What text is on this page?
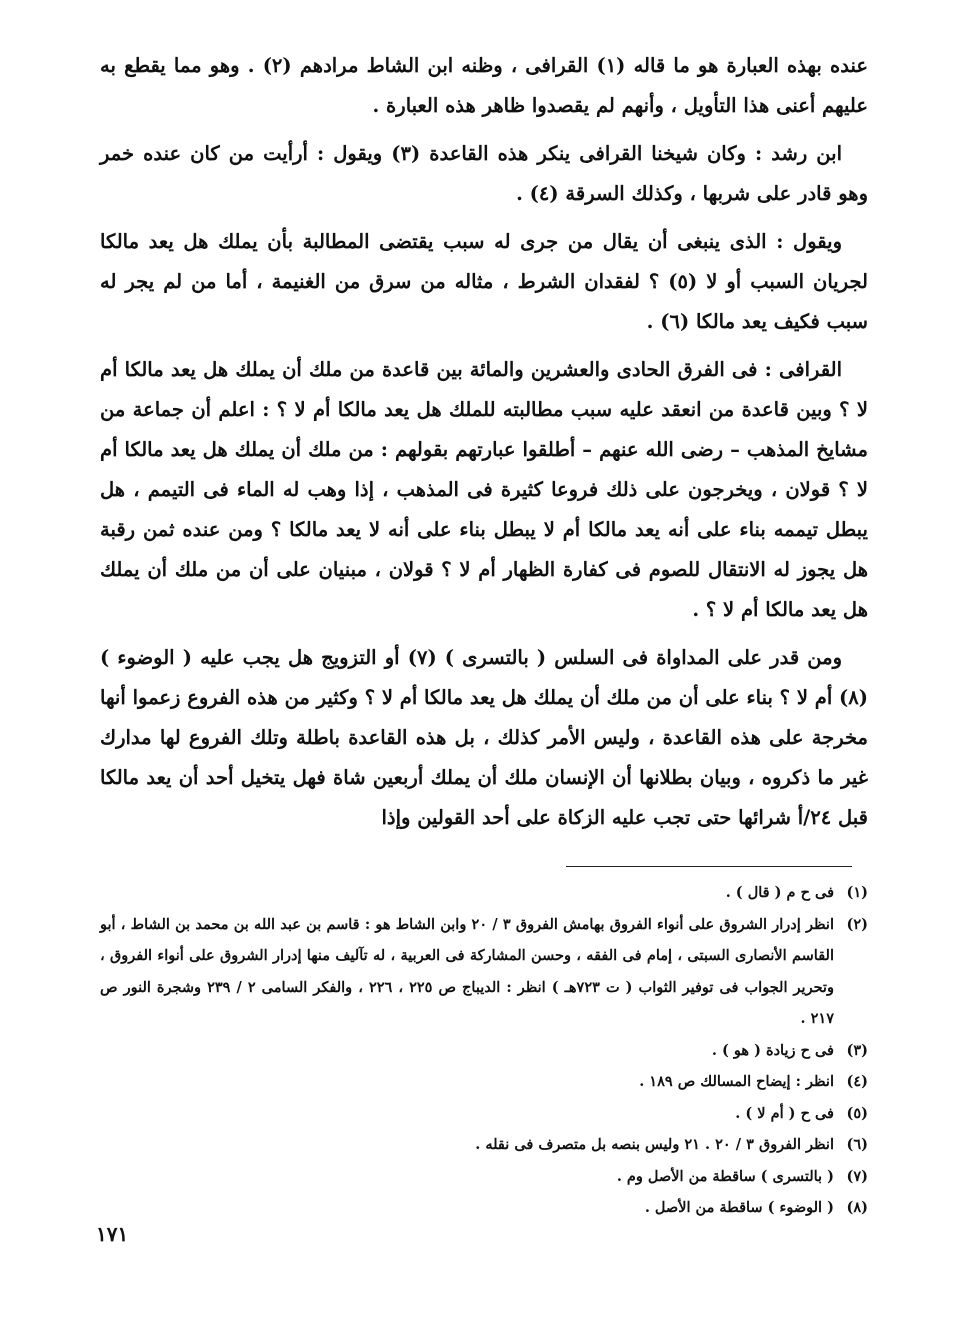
عنده بهذه العبارة هو ما قاله (١) القرافى ، وظنه ابن الشاط مرادهم (٢) . وهو مما يقطع به عليهم أعنى هذا التأويل ، وأنهم لم يقصدوا ظاهر هذه العبارة .

ابن رشد : وكان شيخنا القرافى ينكر هذه القاعدة (٣) ويقول : أرأيت من كان عنده خمر وهو قادر على شربها ، وكذلك السرقة (٤) .

ويقول : الذى ينبغى أن يقال من جرى له سبب يقتضى المطالبة بأن يملك هل يعد مالكا لجريان السبب أو لا (٥) ؟ لفقدان الشرط ، مثاله من سرق من الغنيمة ، أما من لم يجر له سبب فكيف يعد مالكا (٦) .

القرافى : فى الفرق الحادى والعشرين والمائة بين قاعدة من ملك أن يملك هل يعد مالكا أم لا ؟ وبين قاعدة من انعقد عليه سبب مطالبته للملك هل يعد مالكا أم لا ؟ : اعلم أن جماعة من مشايخ المذهب – رضى الله عنهم – أطلقوا عبارتهم بقولهم : من ملك أن يملك هل يعد مالكا أم لا ؟ قولان ، ويخرجون على ذلك فروعا كثيرة فى المذهب ، إذا وهب له الماء فى التيمم ، هل يبطل تيممه بناء على أنه يعد مالكا أم لا يبطل بناء على أنه لا يعد مالكا ؟ ومن عنده ثمن رقبة هل يجوز له الانتقال للصوم فى كفارة الظهار أم لا ؟ قولان ، مبنيان على أن من ملك أن يملك هل يعد مالكا أم لا ؟ .

ومن قدر على المداواة فى السلس ( بالتسرى ) (٧) أو التزويج هل يجب عليه ( الوضوء ) (٨) أم لا ؟ بناء على أن من ملك أن يملك هل يعد مالكا أم لا ؟ وكثير من هذه الفروع زعموا أنها مخرجة على هذه القاعدة ، وليس الأمر كذلك ، بل هذه القاعدة باطلة وتلك الفروع لها مدارك غير ما ذكروه ، وبيان بطلانها أن الإنسان ملك أن يملك أربعين شاة فهل يتخيل أحد أن يعد مالكا قبل ٢٤/أ شرائها حتى تجب عليه الزكاة على أحد القولين وإذا

(١)
فى ح م ( قال ) .

(٢)
انظر إدرار الشروق على أنواء الفروق بهامش الفروق ٣ / ٢٠ وابن الشاط هو : قاسم بن عبد الله بن محمد بن الشاط ، أبو القاسم الأنصارى السبتى ، إمام فى الفقه ، وحسن المشاركة فى العربية ، له تآليف منها إدرار الشروق على أنواء الفروق ، وتحرير الجواب فى توفير الثواب ( ت ٧٢٣هـ ) انظر : الديباج ص ٢٢٥ ، ٢٢٦ ، والفكر السامى ٢ / ٢٣٩ وشجرة النور ص ٢١٧ .

(٣)
فى ح زيادة ( هو ) .

(٤)
انظر : إيضاح المسالك ص ١٨٩ .

(٥)
فى ح ( أم لا ) .

(٦)
انظر الفروق ٣ / ٢٠ . ٢١ وليس بنصه بل متصرف فى نقله .

(٧)
( بالتسرى ) ساقطة من الأصل وم .

(٨)
( الوضوء ) ساقطة من الأصل .

١٧١
